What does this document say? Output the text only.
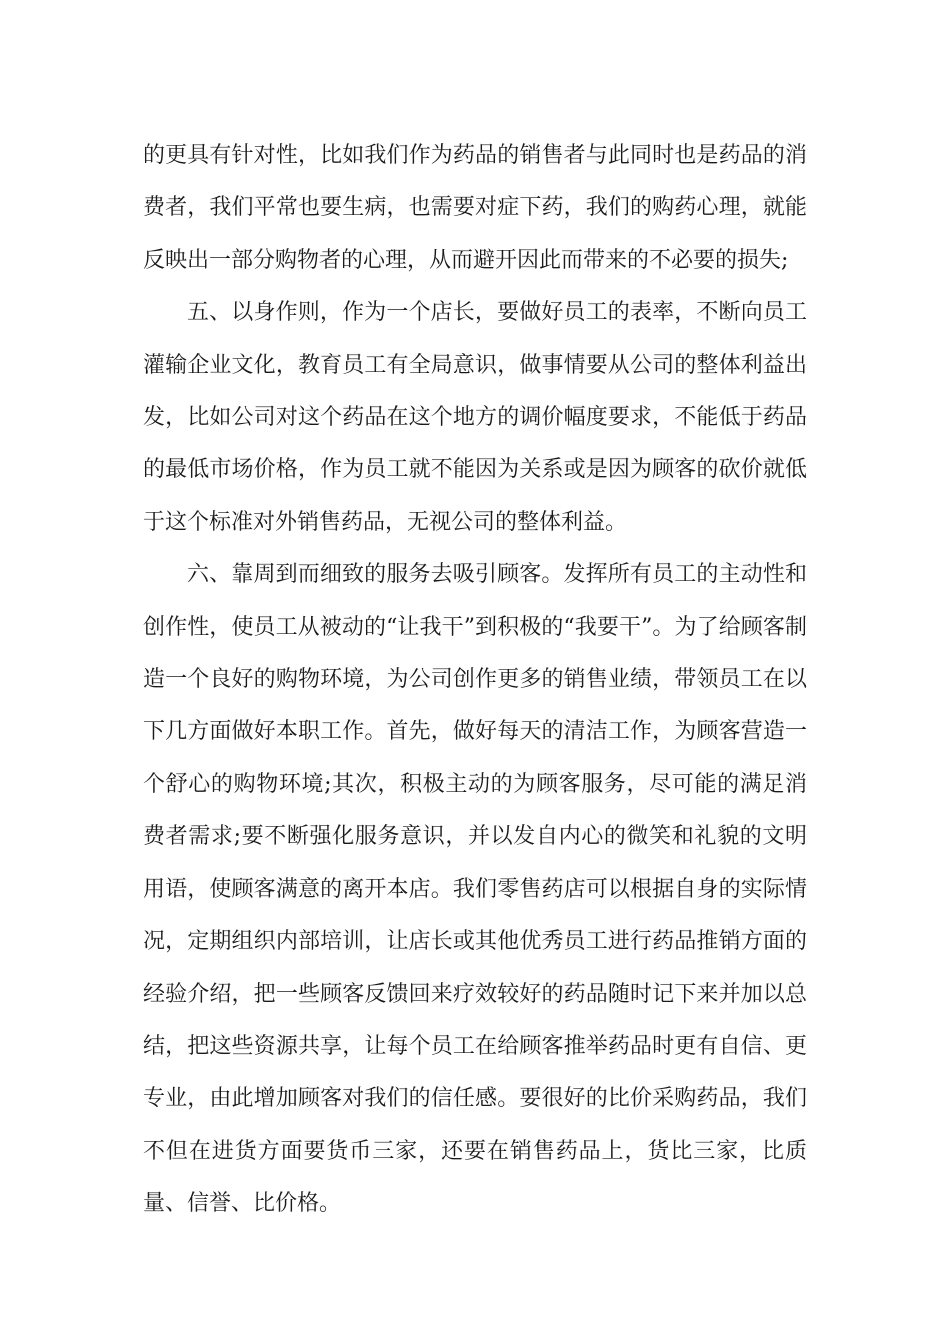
的更具有针对性，比如我们作为药品的销售者与此同时也是药品的消费者，我们平常也要生病，也需要对症下药，我们的购药心理，就能反映出一部分购物者的心理，从而避开因此而带来的不必要的损失;

五、以身作则，作为一个店长，要做好员工的表率，不断向员工灌输企业文化，教育员工有全局意识，做事情要从公司的整体利益出发，比如公司对这个药品在这个地方的调价幅度要求，不能低于药品的最低市场价格，作为员工就不能因为关系或是因为顾客的砍价就低于这个标准对外销售药品，无视公司的整体利益。

六、靠周到而细致的服务去吸引顾客。发挥所有员工的主动性和创作性，使员工从被动的“让我干”到积极的“我要干”。为了给顾客制造一个良好的购物环境，为公司创作更多的销售业绩，带领员工在以下几方面做好本职工作。首先，做好每天的清洁工作，为顾客营造一个舒心的购物环境;其次，积极主动的为顾客服务，尽可能的满足消费者需求;要不断强化服务意识，并以发自内心的微笑和礼貌的文明用语，使顾客满意的离开本店。我们零售药店可以根据自身的实际情况，定期组织内部培训，让店长或其他优秀员工进行药品推销方面的经验介绍，把一些顾客反馈回来疗效较好的药品随时记下来并加以总结，把这些资源共享，让每个员工在给顾客推举药品时更有自信、更专业，由此增加顾客对我们的信任感。要很好的比价采购药品，我们不但在进货方面要货币三家，还要在销售药品上，货比三家，比质量、信誉、比价格。
